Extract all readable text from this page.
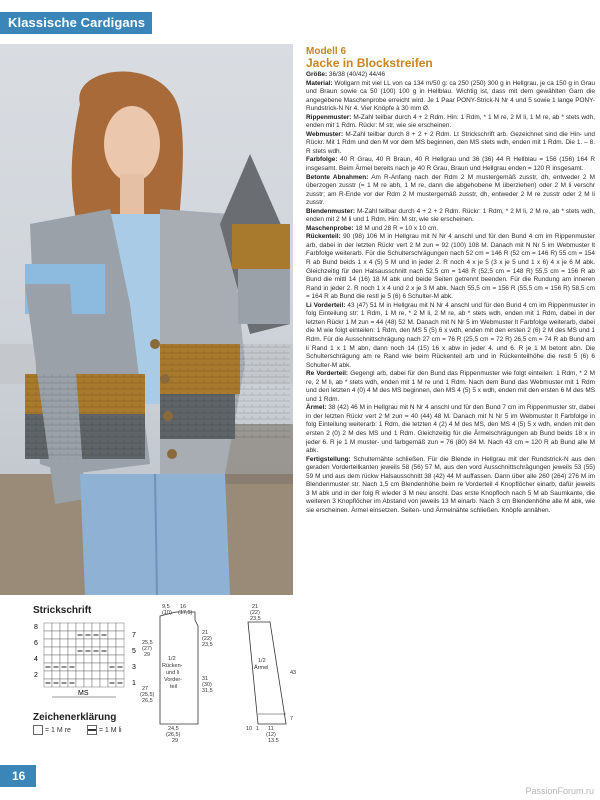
Klassische Cardigans
Modell 6
Jacke in Blockstreifen

Größe: 36/38 (40/42) 44/46

Material: Wollgarn mit viel LL von ca 134 m/50 g: ca 250 (250) 300 g in Hellgrau, je ca 150 g in Grau und Braun sowie ca 50 (100) 100 g in Hellblau. Wichtig ist, dass mit dem gewählten Garn die angegebene Maschenprobe erreicht wird. Je 1 Paar PONY-Strick-N Nr 4 und 5 sowie 1 lange PONY-Rundstrick-N Nr 4. Vier Knöpfe à 30 mm Ø.

Rippenmuster: M-Zahl teilbar durch 4 + 2 Rdm. Hin: 1 Rdm, * 1 M re, 2 M li, 1 M re, ab * stets wdh, enden mit 1 Rdm. Rückr: M str, wie sie erscheinen.

Webmuster: M-Zahl teilbar durch 8 + 2 + 2 Rdm. Lt Strickschrift arb. Gezeichnet sind die Hin- und Rückr. Mit 1 Rdm und den M vor dem MS beginnen, den MS stets wdh, enden mit 1 Rdm. Die 1. – 8. R stets wdh.

Farbfolge: 40 R Grau, 40 R Braun, 40 R Hellgrau und 36 (36) 44 R Hellblau = 156 (156) 164 R insgesamt. Beim Ärmel bereits nach je 40 R Grau, Braun und Hellgrau enden = 120 R insgesamt.

Betonte Abnahmen: Am R-Anfang nach der Rdm 2 M mustergemäß zusstr, dh, entweder 2 M überzogen zusstr (= 1 M re abh, 1 M re, dann die abgehobene M überziehen) oder 2 M li verschr zusstr; am R-Ende vor der Rdm 2 M mustergemäß zusstr, dh, entweder 2 M re zusstr oder 2 M li zusstr.

Blendenmuster: M-Zahl teilbar durch 4 + 2 + 2 Rdm. Rückr: 1 Rdm, * 2 M li, 2 M re, ab * stets wdh, enden mit 2 M li und 1 Rdm. Hin: M str, wie sie erscheinen.

Maschenprobe: 18 M und 28 R = 10 x 10 cm.

Rückenteil: 90 (98) 106 M in Hellgrau mit N Nr 4 anschl und für den Bund 4 cm im Rippenmuster arb, dabei in der letzten Rückr vert 2 M zun = 92 (100) 108 M. Danach mit N Nr 5 im Webmuster lt Farbfolge weiterarb. Für die Schulterschrägungen nach 52 cm = 146 R (52 cm = 146 R) 55 cm = 154 R ab Bund beids 1 x 4 (5) 5 M und in jeder 2. R noch 4 x je 5 (3 x je 5 und 1 x 6) 4 x je 6 M abk. Gleichzeitig für den Halsausschnitt nach 52,5 cm = 148 R (52,5 cm = 148 R) 55,5 cm = 156 R ab Bund die mittl 14 (16) 18 M abk und beide Seiten getrennt beenden. Für die Rundung am inneren Rand in jeder 2. R noch 1 x 4 und 2 x je 3 M abk. Nach 55,5 cm = 156 R (55,5 cm = 156 R) 58,5 cm = 164 R ab Bund die restl je 5 (6) 6 Schulter-M abk.

Li Vorderteil: 43 (47) 51 M in Hellgrau mit N Nr 4 anschl und für den Bund 4 cm im Rippenmuster in folg Einteilung str: 1 Rdm, 1 M re, * 2 M li, 2 M re, ab * stets wdh, enden mit 1 Rdm, dabei in der letzten Rückr 1 M zun = 44 (48) 52 M. Danach mit N Nr 5 im Webmuster lt Farbfolge weiterarb, dabei die M wie folgt einteilen: 1 Rdm, den MS 5 (5) 6 x wdh, enden mit den ersten 2 (6) 2 M des MS und 1 Rdm. Für die Ausschnittschrägung nach 27 cm = 76 R (25,5 cm = 72 R) 26,5 cm = 74 R ab Bund am li Rand 1 x 1 M abn, dann noch 14 (15) 16 x abw in jeder 4. und 6. R je 1 M betont abn. Die Schulterschrägung am re Rand wie beim Rückenteil arb und in Rückenteilhöhe die restl 5 (6) 6 Schulter-M abk.

Re Vorderteil: Gegengl arb, dabei für den Bund das Rippenmuster wie folgt einteilen: 1 Rdm, * 2 M re, 2 M li, ab * stets wdh, enden mit 1 M re und 1 Rdm. Nach dem Bund das Webmuster mit 1 Rdm und den letzten 4 (0) 4 M des MS beginnen, den MS 4 (5) 5 x wdh, enden mit den ersten 6 M des MS und 1 Rdm.

Ärmel: 38 (42) 46 M in Hellgrau mit N Nr 4 anschl und für den Bund 7 cm im Rippenmuster str, dabei in der letzten Rückr vert 2 M zun = 40 (44) 48 M. Danach mit N Nr 5 im Webmuster lt Farbfolge in folg Einteilung weiterarb: 1 Rdm, die letzten 4 (2) 4 M des MS, den MS 4 (5) 5 x wdh, enden mit den ersten 2 (0) 2 M des MS und 1 Rdm. Gleichzeitig für die Ärmelschrägungen ab Bund beids 18 x in jeder 6. R je 1 M muster- und farbgemäß zun = 76 (80) 84 M. Nach 43 cm = 120 R ab Bund alle M abk.

Fertigstellung: Schulternähte schließen. Für die Blende in Hellgrau mit der Rundstrick-N aus den geraden Vorderteilkanten jeweils 58 (56) 57 M, aus den vord Ausschnittschrägungen jeweils 53 (55) 59 M und aus dem rückw Halsausschnitt 38 (42) 44 M auffassen. Dann über alle 260 (264) 276 M im Blendenmuster str. Nach 1,5 cm Blendenhöhe beim re Vorderteil 4 Knopflöcher einarb, dafür jeweils 3 M abk und in der folg R wieder 3 M neu anschl. Das erste Knopfloch nach 5 M ab Saumkante, die weiteren 3 Knopflöcher im Abstand von jeweils 13 M einarb. Nach 3 cm Blendenhöhe alle M abk, wie sie erscheinen. Ärmel einsetzen. Seiten- und Ärmelnähte schließen. Knöpfe annähen.

Strickschrift
8
6
4
2
7
5
3
1
MS
Zeichenerklärung
= 1 M re	= 1 M li
1/2
Rücken-
und li
Vorder-
teil
1/2
Ärmel
9,5
(10)
16
(17,5)
25,5
(27)
29
27
(25,5)
26,5
21
(22)
23,5
31
(30)
31,5
24,5
(26,5)
29
21
(22)
23,5
43
7
10 1 11
(12)
13,5
16
PassionForum.ru
